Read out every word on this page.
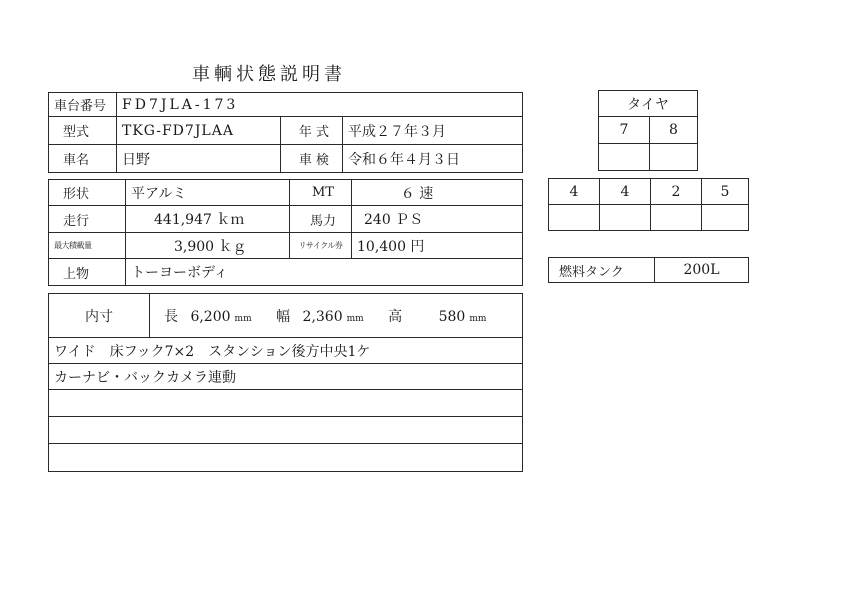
車輌状態説明書
車台番号	FD7JLA-173		
型式	TKG-FD7JLAA	年 式	平成２７年３月
車名	日野	車 検	令和６年４月３日
形状	平アルミ	MT	６ 速
走行	441,947 ｋｍ	馬力	240 ＰＳ
最大積載量	3,900 ｋｇ	リサイクル券	10,400 円
上物	トーヨーボディ		
内寸	長 6,200 mm 幅 2,360 mm 高	580 mm
ワイド　床フック7×2　スタンション後方中央1ケ
カーナビ・バックカメラ連動

タイヤ	
7	8

4	4	2	5

燃料タンク	200L
